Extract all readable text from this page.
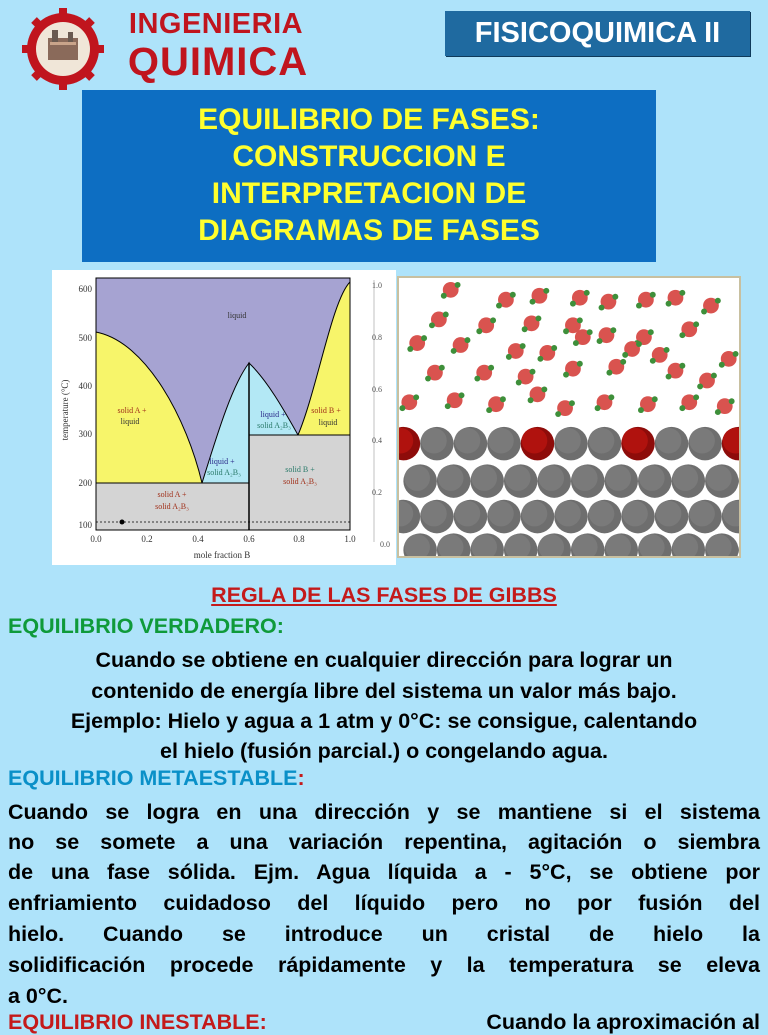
INGENIERIA
QUIMICA
FISICOQUIMICA II
EQUILIBRIO DE FASES:
CONSTRUCCION E
INTERPRETACION DE
DIAGRAMAS DE FASES
600
500
400
300
200
100
0.0	0.2	0.4	0.6	0.8	1.0
mole fraction B
temperature (°C)
1.0
0.8
0.6
0.4
0.2
0.0
liquid
solid A +
liquid
liquid +
solid A₂B₃
solid B +
liquid
liquid +
solid A₂B₃
solid A +
solid A₂B₃
solid B +
solid A₂B₃
REGLA DE LAS FASES DE GIBBS
EQUILIBRIO VERDADERO:
Cuando se obtiene en cualquier dirección para lograr un
contenido de energía libre del sistema un valor más bajo.
Ejemplo: Hielo y agua a 1 atm y 0°C: se consigue, calentando
el hielo (fusión parcial.) o congelando agua.
EQUILIBRIO METAESTABLE:
Cuando se logra en una dirección y se mantiene si el sistema
no se somete a una variación repentina, agitación o siembra
de una fase sólida. Ejm. Agua líquida a - 5°C, se obtiene por
enfriamiento cuidadoso del líquido pero no por fusión del
hielo. Cuando se introduce un cristal de hielo la
solidificación procede rápidamente y la temperatura se eleva
a 0°C.
EQUILIBRIO INESTABLE:	Cuando la aproximación al
